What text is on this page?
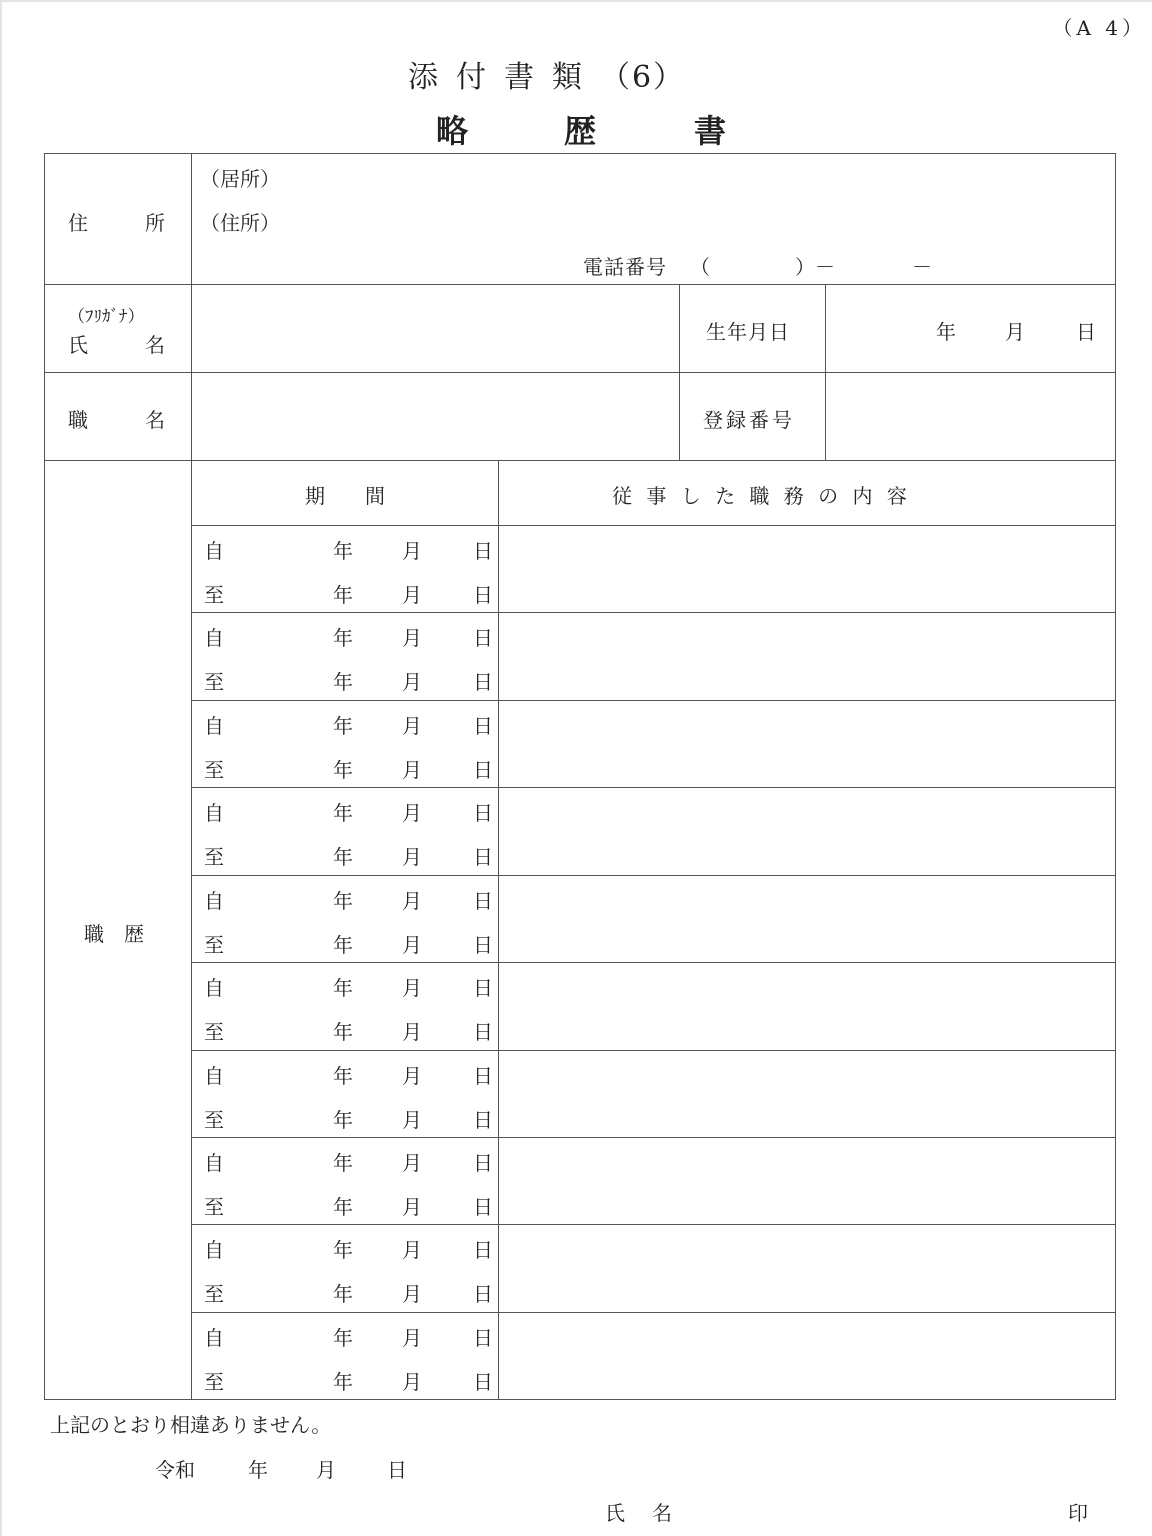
（A 4）
添付書類（6）
略	歴	書
住	所
（居所）
（住所）
電話番号 （	）－	－
（ﾌﾘｶﾞﾅ）
氏	名
生年月日	年 月	日
職	名	登録番号
職　歴
期　　間	従 事 し た 職 務 の 内 容
自	年 月	日
至	年 月	日
自	年 月	日
至	年 月	日
自	年 月	日
至	年 月	日
自	年 月	日
至	年 月	日
自	年 月	日
至	年 月	日
自	年 月	日
至	年 月	日
自	年 月	日
至	年 月	日
自	年 月	日
至	年 月	日
自	年 月	日
至	年 月	日
自	年 月	日
至	年 月	日
上記のとおり相違ありません。
令和	年 月	日
氏 名	印
